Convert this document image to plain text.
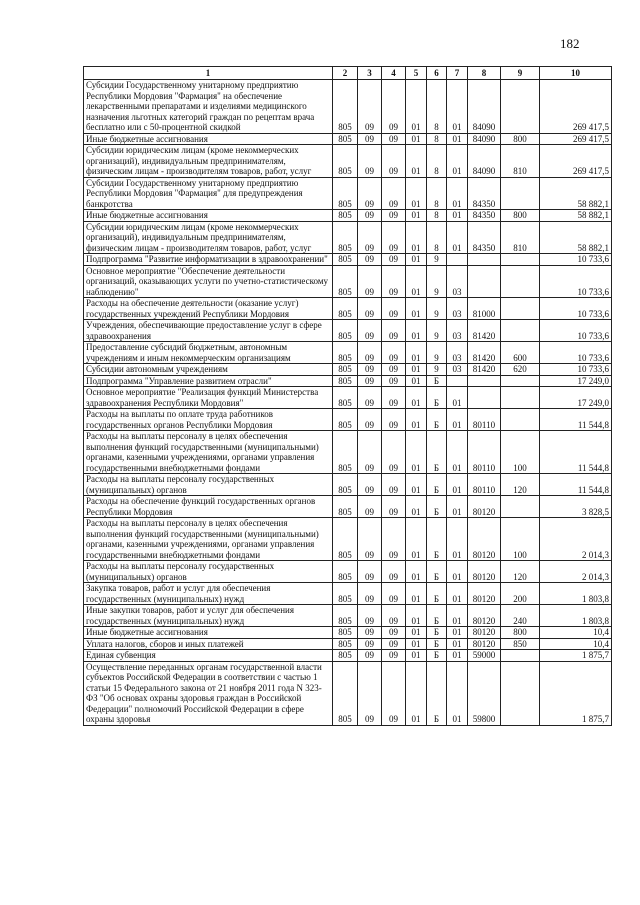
182
1	2	3	4	5	6	7	8	9	10
Субсидии Государственному унитарному предприятию Республики Мордовия "Фармация" на обеспечение лекарственными препаратами и изделиями медицинского назначения льготных категорий граждан по рецептам врача бесплатно или с 50-процентной скидкой	805	09	09	01	8	01	84090		269 417,5
Иные бюджетные ассигнования	805	09	09	01	8	01	84090	800	269 417,5
Субсидии юридическим лицам (кроме некоммерческих организаций), индивидуальным предпринимателям, физическим лицам - производителям товаров, работ, услуг	805	09	09	01	8	01	84090	810	269 417,5
Субсидии Государственному унитарному предприятию Республики Мордовия "Фармация" для предупреждения банкротства	805	09	09	01	8	01	84350		58 882,1
Иные бюджетные ассигнования	805	09	09	01	8	01	84350	800	58 882,1
Субсидии юридическим лицам (кроме некоммерческих организаций), индивидуальным предпринимателям, физическим лицам - производителям товаров, работ, услуг	805	09	09	01	8	01	84350	810	58 882,1
Подпрограмма "Развитие информатизации в здравоохранении"	805	09	09	01	9				10 733,6
Основное мероприятие "Обеспечение деятельности организаций, оказывающих услуги по учетно-статистическому наблюдению"	805	09	09	01	9	03			10 733,6
Расходы на обеспечение деятельности (оказание услуг) государственных учреждений Республики Мордовия	805	09	09	01	9	03	81000		10 733,6
Учреждения, обеспечивающие предоставление услуг в сфере здравоохранения	805	09	09	01	9	03	81420		10 733,6
Предоставление субсидий бюджетным, автономным учреждениям и иным некоммерческим организациям	805	09	09	01	9	03	81420	600	10 733,6
Субсидии автономным учреждениям	805	09	09	01	9	03	81420	620	10 733,6
Подпрограмма "Управление развитием отрасли"	805	09	09	01	Б				17 249,0
Основное мероприятие "Реализация функций Министерства здравоохранения Республики Мордовия"	805	09	09	01	Б	01			17 249,0
Расходы на выплаты по оплате труда работников государственных органов Республики Мордовия	805	09	09	01	Б	01	80110		11 544,8
Расходы на выплаты персоналу в целях обеспечения выполнения функций государственными (муниципальными) органами, казенными учреждениями, органами управления государственными внебюджетными фондами	805	09	09	01	Б	01	80110	100	11 544,8
Расходы на выплаты персоналу государственных (муниципальных) органов	805	09	09	01	Б	01	80110	120	11 544,8
Расходы на обеспечение функций государственных органов Республики Мордовия	805	09	09	01	Б	01	80120		3 828,5
Расходы на выплаты персоналу в целях обеспечения выполнения функций государственными (муниципальными) органами, казенными учреждениями, органами управления государственными внебюджетными фондами	805	09	09	01	Б	01	80120	100	2 014,3
Расходы на выплаты персоналу государственных (муниципальных) органов	805	09	09	01	Б	01	80120	120	2 014,3
Закупка товаров, работ и услуг для обеспечения государственных (муниципальных) нужд	805	09	09	01	Б	01	80120	200	1 803,8
Иные закупки товаров, работ и услуг для обеспечения государственных (муниципальных) нужд	805	09	09	01	Б	01	80120	240	1 803,8
Иные бюджетные ассигнования	805	09	09	01	Б	01	80120	800	10,4
Уплата налогов, сборов и иных платежей	805	09	09	01	Б	01	80120	850	10,4
Единая субвенция	805	09	09	01	Б	01	59000		1 875,7
Осуществление переданных органам государственной власти субъектов Российской Федерации в соответствии с частью 1 статьи 15 Федерального закона от 21 ноября 2011 года N 323-ФЗ "Об основах охраны здоровья граждан в Российской Федерации" полномочий Российской Федерации в сфере охраны здоровья	805	09	09	01	Б	01	59800		1 875,7
